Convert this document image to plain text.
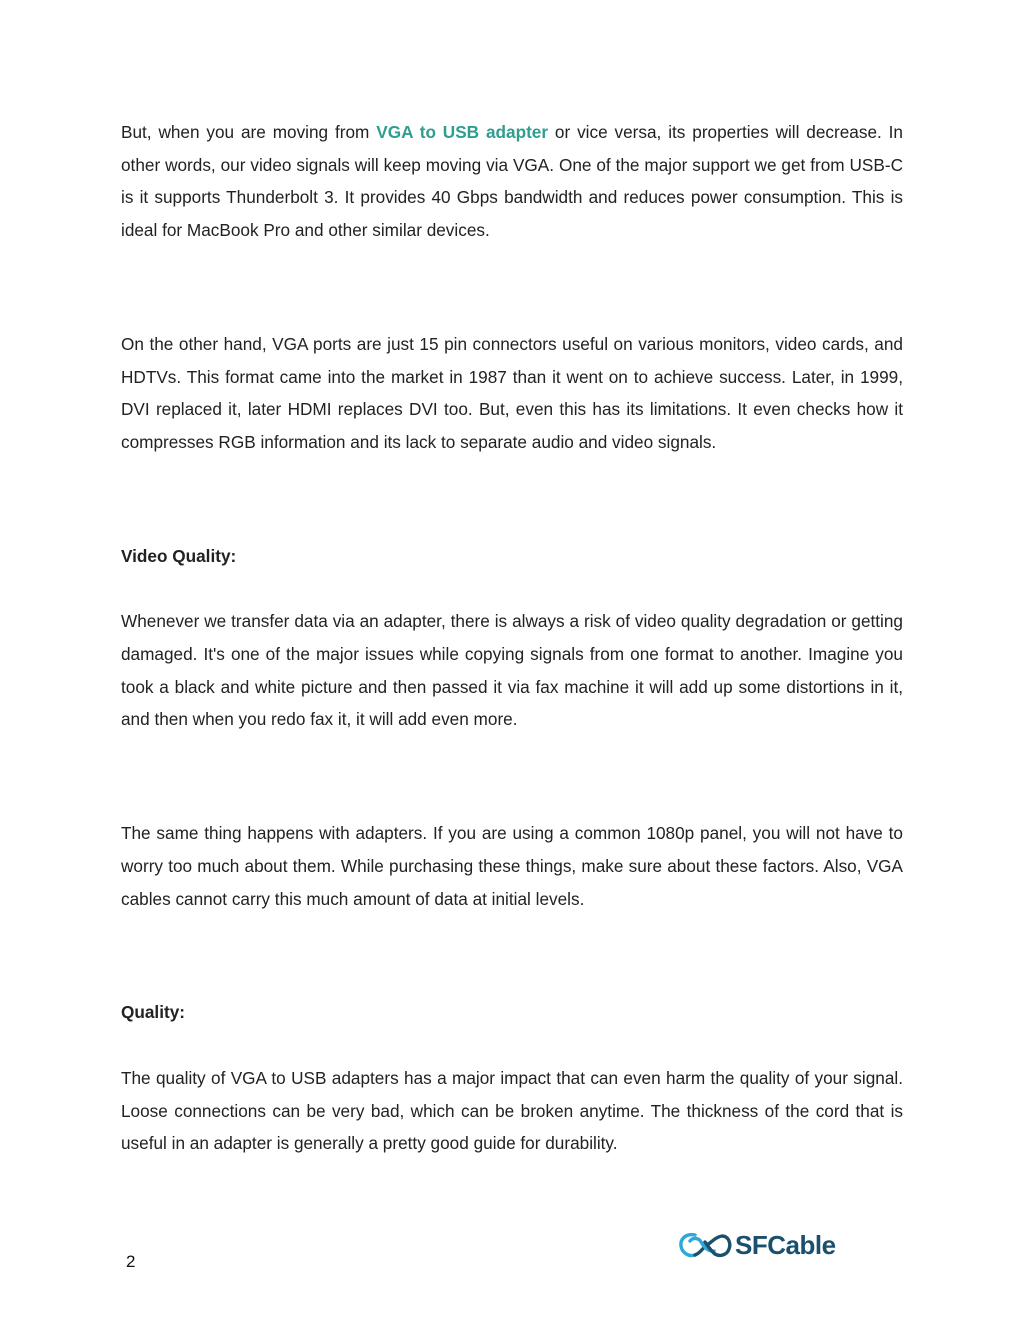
But, when you are moving from VGA to USB adapter or vice versa, its properties will decrease. In other words, our video signals will keep moving via VGA. One of the major support we get from USB-C is it supports Thunderbolt 3. It provides 40 Gbps bandwidth and reduces power consumption. This is ideal for MacBook Pro and other similar devices.

On the other hand, VGA ports are just 15 pin connectors useful on various monitors, video cards, and HDTVs. This format came into the market in 1987 than it went on to achieve success. Later, in 1999, DVI replaced it, later HDMI replaces DVI too. But, even this has its limitations. It even checks how it compresses RGB information and its lack to separate audio and video signals.

Video Quality:

Whenever we transfer data via an adapter, there is always a risk of video quality degradation or getting damaged. It's one of the major issues while copying signals from one format to another. Imagine you took a black and white picture and then passed it via fax machine it will add up some distortions in it, and then when you redo fax it, it will add even more.

The same thing happens with adapters. If you are using a common 1080p panel, you will not have to worry too much about them. While purchasing these things, make sure about these factors. Also, VGA cables cannot carry this much amount of data at initial levels.

Quality:

The quality of VGA to USB adapters has a major impact that can even harm the quality of your signal. Loose connections can be very bad, which can be broken anytime. The thickness of the cord that is useful in an adapter is generally a pretty good guide for durability.

2
SFCable
